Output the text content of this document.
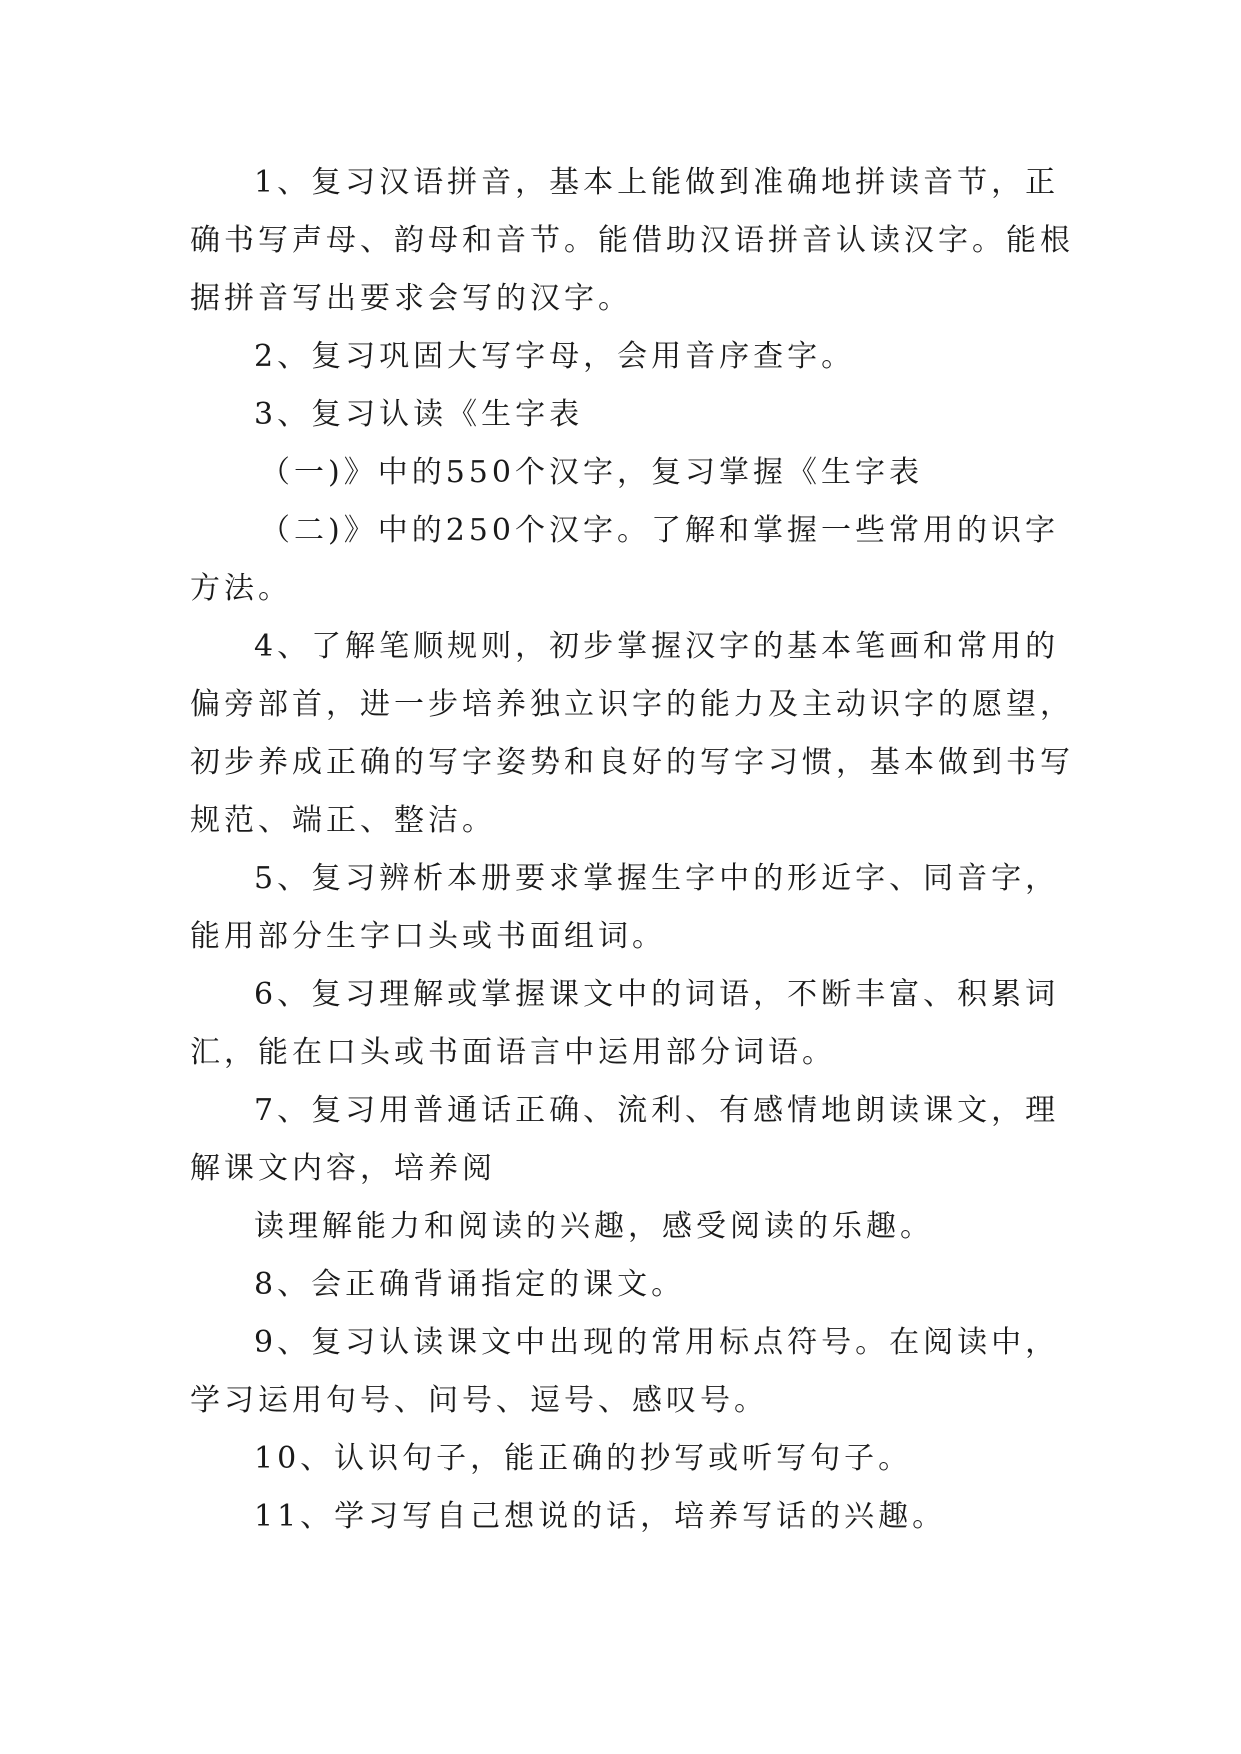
1、复习汉语拼音，基本上能做到准确地拼读音节，正
确书写声母、韵母和音节。能借助汉语拼音认读汉字。能根
据拼音写出要求会写的汉字。

2、复习巩固大写字母，会用音序查字。

3、复习认读《生字表

（一)》中的550个汉字，复习掌握《生字表

（二)》中的250个汉字。了解和掌握一些常用的识字
方法。

4、了解笔顺规则，初步掌握汉字的基本笔画和常用的
偏旁部首，进一步培养独立识字的能力及主动识字的愿望，
初步养成正确的写字姿势和良好的写字习惯，基本做到书写
规范、端正、整洁。

5、复习辨析本册要求掌握生字中的形近字、同音字，
能用部分生字口头或书面组词。

6、复习理解或掌握课文中的词语，不断丰富、积累词
汇，能在口头或书面语言中运用部分词语。

7、复习用普通话正确、流利、有感情地朗读课文，理
解课文内容，培养阅

读理解能力和阅读的兴趣，感受阅读的乐趣。

8、会正确背诵指定的课文。

9、复习认读课文中出现的常用标点符号。在阅读中，
学习运用句号、问号、逗号、感叹号。

10、认识句子，能正确的抄写或听写句子。

11、学习写自己想说的话，培养写话的兴趣。
